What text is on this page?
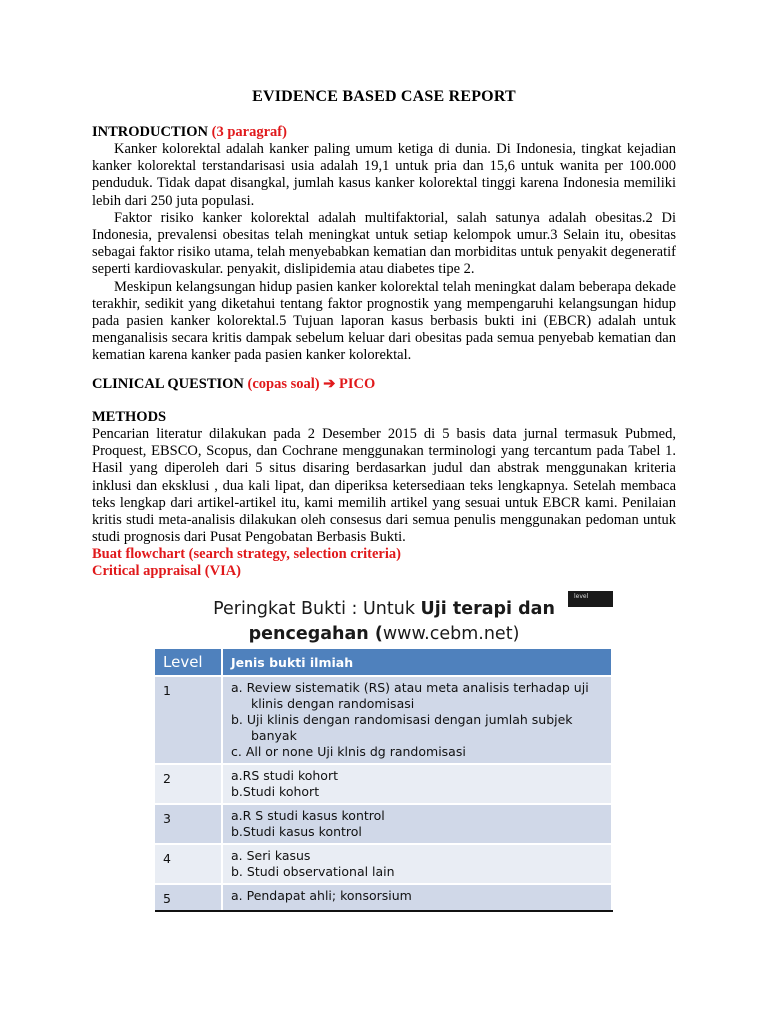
EVIDENCE BASED CASE REPORT
INTRODUCTION (3 paragraf)

Kanker kolorektal adalah kanker paling umum ketiga di dunia. Di Indonesia, tingkat kejadian kanker kolorektal terstandarisasi usia adalah 19,1 untuk pria dan 15,6 untuk wanita per 100.000 penduduk. Tidak dapat disangkal, jumlah kasus kanker kolorektal tinggi karena Indonesia memiliki lebih dari 250 juta populasi.

Faktor risiko kanker kolorektal adalah multifaktorial, salah satunya adalah obesitas.2 Di Indonesia, prevalensi obesitas telah meningkat untuk setiap kelompok umur.3 Selain itu, obesitas sebagai faktor risiko utama, telah menyebabkan kematian dan morbiditas untuk penyakit degeneratif seperti kardiovaskular. penyakit, dislipidemia atau diabetes tipe 2.

Meskipun kelangsungan hidup pasien kanker kolorektal telah meningkat dalam beberapa dekade terakhir, sedikit yang diketahui tentang faktor prognostik yang mempengaruhi kelangsungan hidup pada pasien kanker kolorektal.5 Tujuan laporan kasus berbasis bukti ini (EBCR) adalah untuk menganalisis secara kritis dampak sebelum keluar dari obesitas pada semua penyebab kematian dan kematian karena kanker pada pasien kanker kolorektal.

CLINICAL QUESTION (copas soal) ➔ PICO
METHODS

Pencarian literatur dilakukan pada 2 Desember 2015 di 5 basis data jurnal termasuk Pubmed, Proquest, EBSCO, Scopus, dan Cochrane menggunakan terminologi yang tercantum pada Tabel 1. Hasil yang diperoleh dari 5 situs disaring berdasarkan judul dan abstrak menggunakan kriteria inklusi dan eksklusi , dua kali lipat, dan diperiksa ketersediaan teks lengkapnya. Setelah membaca teks lengkap dari artikel-artikel itu, kami memilih artikel yang sesuai untuk EBCR kami. Penilaian kritis studi meta-analisis dilakukan oleh consesus dari semua penulis menggunakan pedoman untuk studi prognosis dari Pusat Pengobatan Berbasis Bukti.

Buat flowchart (search strategy, selection criteria)
Critical appraisal (VIA)
level
Peringkat Bukti : Untuk Uji terapi dan
pencegahan (www.cebm.net)
Level	Jenis bukti ilmiah
1	a. Review sistematik (RS) atau meta analisis terhadap uji
klinis dengan randomisasi
b. Uji klinis dengan randomisasi dengan jumlah subjek
banyak
c. All or none Uji klnis dg randomisasi

2	a.RS studi kohort
b.Studi kohort

3	a.R S studi kasus kontrol
b.Studi kasus kontrol

4	a. Seri kasus
b. Studi observational lain

5	a. Pendapat ahli; konsorsium
